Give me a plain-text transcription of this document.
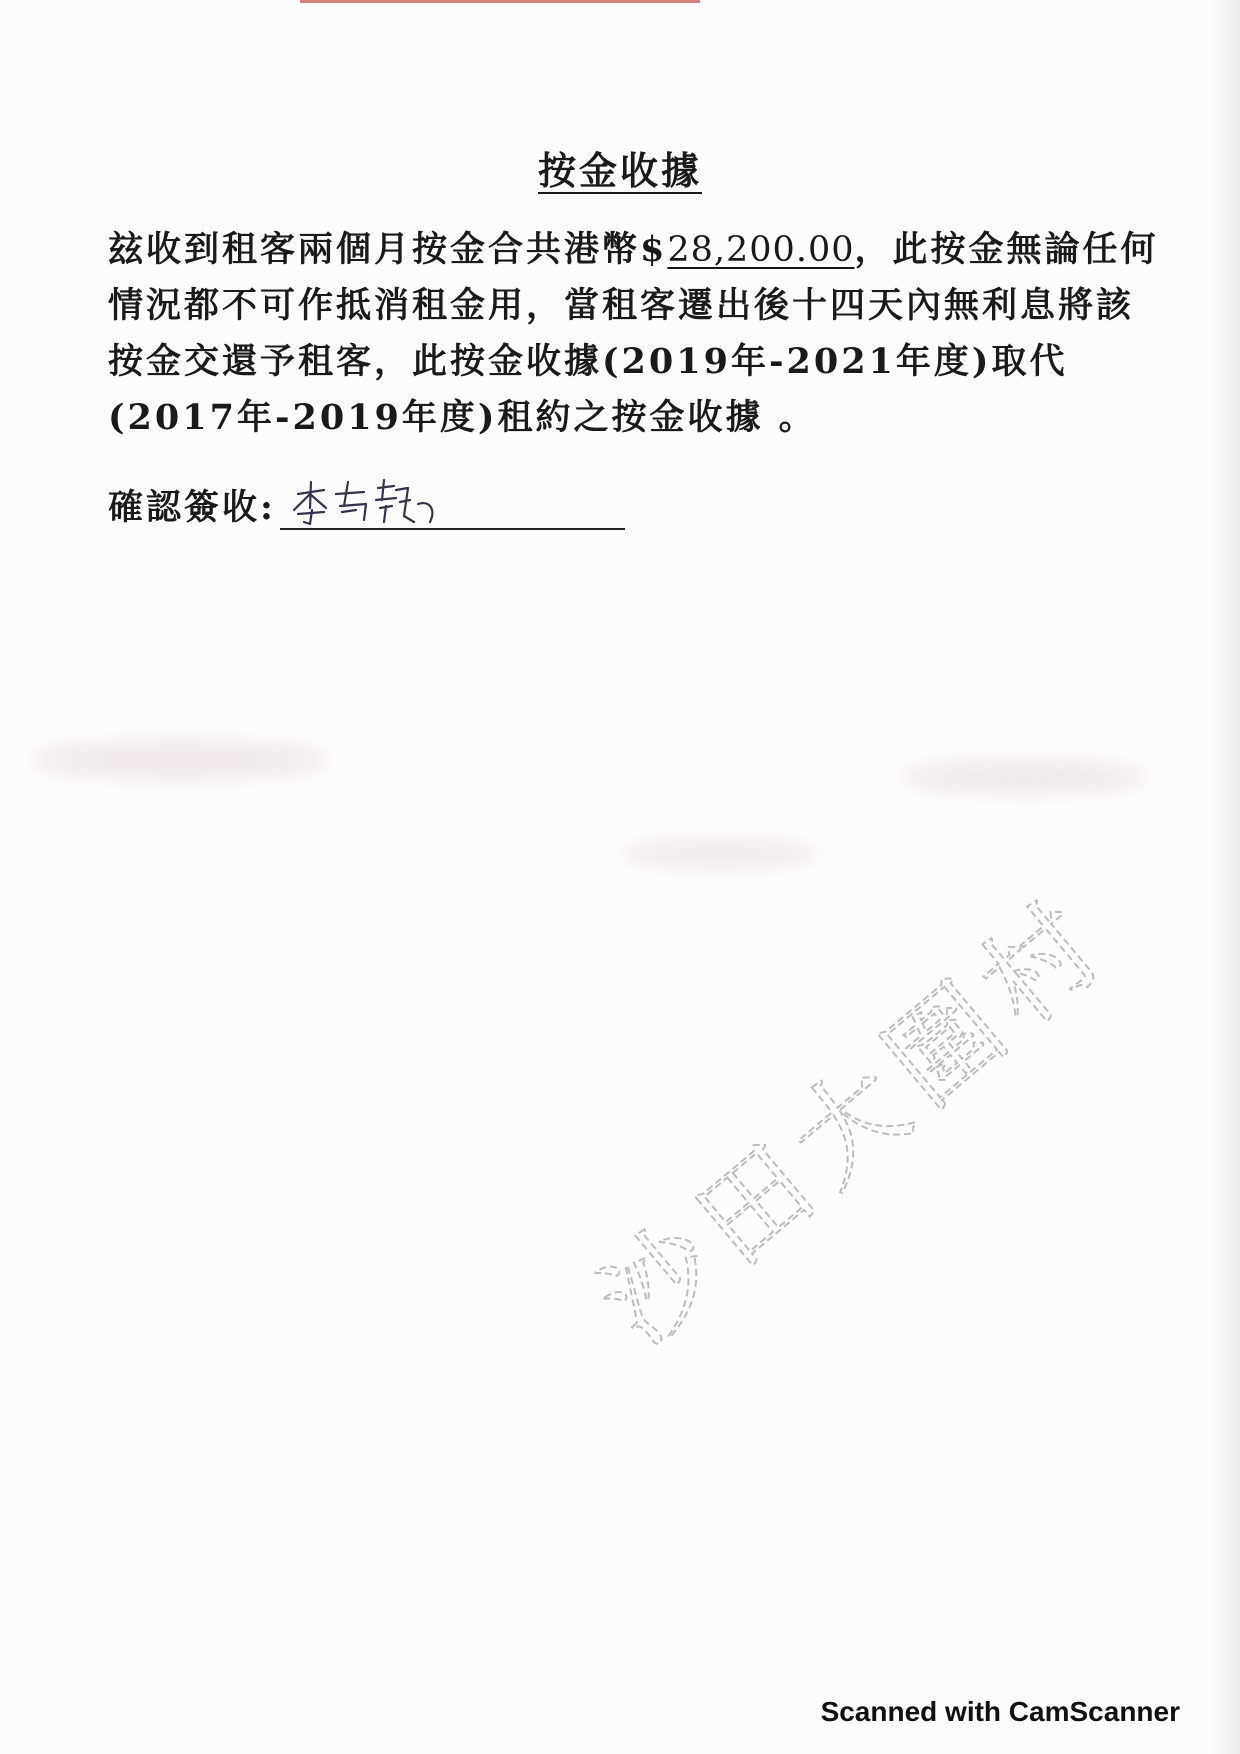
按金收據
玆收到租客兩個月按金合共港幣$28,200.00，此按金無論任何情況都不可作抵消租金用，當租客遷出後十四天內無利息將該按金交還予租客，此按金收據(2019年-2021年度)取代(2017年-2019年度)租約之按金收據 。
確認簽收:
沙田大圍村
Scanned with CamScanner
